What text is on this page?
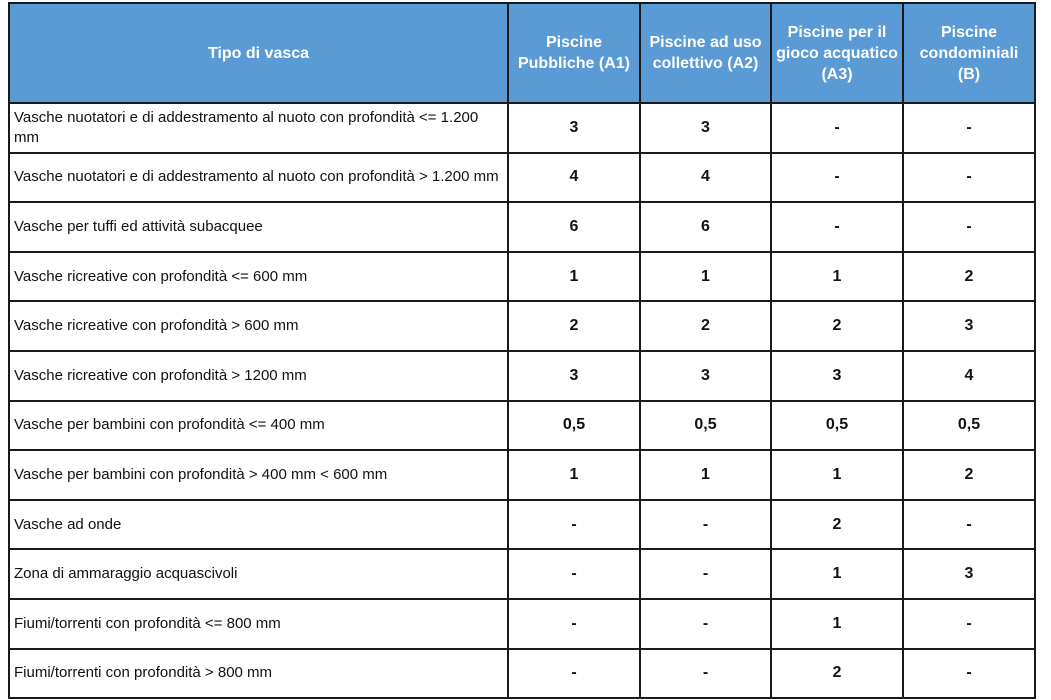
Tipo di vasca	Piscine Pubbliche (A1)	Piscine ad uso collettivo (A2)	Piscine per il gioco acquatico (A3)	Piscine condominiali (B)
Vasche nuotatori e di addestramento al nuoto con profondità <= 1.200 mm	3	3	-	-
Vasche nuotatori e di addestramento al nuoto con profondità > 1.200 mm	4	4	-	-
Vasche per tuffi ed attività subacquee	6	6	-	-
Vasche ricreative con profondità <= 600 mm	1	1	1	2
Vasche ricreative con profondità > 600 mm	2	2	2	3
Vasche ricreative con profondità > 1200 mm	3	3	3	4
Vasche per bambini con profondità <= 400 mm	0,5	0,5	0,5	0,5
Vasche per bambini con profondità > 400 mm < 600 mm	1	1	1	2
Vasche ad onde	-	-	2	-
Zona di ammaraggio acquascivoli	-	-	1	3
Fiumi/torrenti con profondità <= 800 mm	-	-	1	-
Fiumi/torrenti con profondità > 800 mm	-	-	2	-
